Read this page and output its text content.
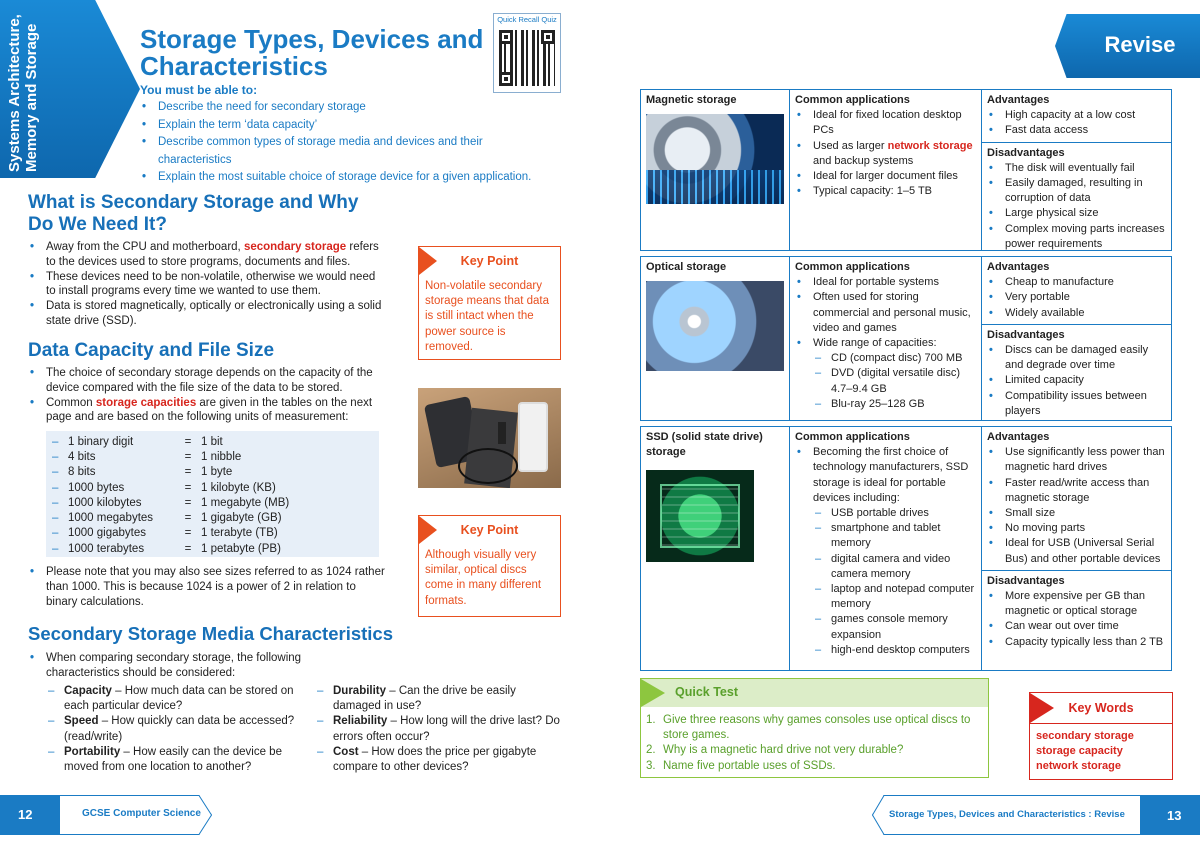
Systems Architecture, Memory and Storage	Storage Types, Devices and Characteristics
Quick Recall Quiz
You must be able to:
• Describe the need for secondary storage
• Explain the term ‘data capacity’
• Describe common types of storage media and devices and their characteristics
• Explain the most suitable choice of storage device for a given application.
What is Secondary Storage and Why Do We Need It?
• Away from the CPU and motherboard, secondary storage refers to the devices used to store programs, documents and files.
• These devices need to be non-volatile, otherwise we would need to install programs every time we wanted to use them.
• Data is stored magnetically, optically or electronically using a solid state drive (SSD).
Data Capacity and File Size
• The choice of secondary storage depends on the capacity of the device compared with the file size of the data to be stored.
• Common storage capacities are given in the tables on the next page and are based on the following units of measurement:
–	1 binary digit	=	1 bit
–	4 bits	=	1 nibble
–	8 bits	=	1 byte
–	1000 bytes	=	1 kilobyte (KB)
–	1000 kilobytes	=	1 megabyte (MB)
–	1000 megabytes	=	1 gigabyte (GB)
–	1000 gigabytes	=	1 terabyte (TB)
–	1000 terabytes	=	1 petabyte (PB)
• Please note that you may also see sizes referred to as 1024 rather than 1000. This is because 1024 is a power of 2 in relation to binary calculations.
Secondary Storage Media Characteristics
• When comparing secondary storage, the following characteristics should be considered:
– Capacity – How much data can be stored on each particular device?
– Speed – How quickly can data be accessed? (read/write)
– Portability – How easily can the device be moved from one location to another?
– Durability – Can the drive be easily damaged in use?
– Reliability – How long will the drive last? Do errors often occur?
– Cost – How does the price per gigabyte compare to other devices?
Key Point
Non-volatile secondary storage means that data is still intact when the power source is removed.
Key Point
Although visually very similar, optical discs come in many different formats.
12	GCSE Computer Science
Revise
Magnetic storage	Common applications
• Ideal for fixed location desktop PCs
• Used as larger network storage and backup systems
• Ideal for larger document files
• Typical capacity: 1–5 TB
Advantages
• High capacity at a low cost
• Fast data access
Disadvantages
• The disk will eventually fail
• Easily damaged, resulting in corruption of data
• Large physical size
• Complex moving parts increases power requirements
Optical storage	Common applications
• Ideal for portable systems
• Often used for storing commercial and personal music, video and games
• Wide range of capacities:
– CD (compact disc) 700 MB
– DVD (digital versatile disc) 4.7–9.4 GB
– Blu-ray 25–128 GB
Advantages
• Cheap to manufacture
• Very portable
• Widely available
Disadvantages
• Discs can be damaged easily and degrade over time
• Limited capacity
• Compatibility issues between players
SSD (solid state drive) storage
Common applications
• Becoming the first choice of technology manufacturers, SSD storage is ideal for portable devices including:
– USB portable drives
– smartphone and tablet memory
– digital camera and video camera memory
– laptop and notepad computer memory
– games console memory expansion
– high-end desktop computers
Advantages
• Use significantly less power than magnetic hard drives
• Faster read/write access than magnetic storage
• Small size
• No moving parts
• Ideal for USB (Universal Serial Bus) and other portable devices
Disadvantages
• More expensive per GB than magnetic or optical storage
• Can wear out over time
• Capacity typically less than 2 TB
Quick Test
1. Give three reasons why games consoles use optical discs to store games.
2. Why is a magnetic hard drive not very durable?
3. Name five portable uses of SSDs.
Key Words
secondary storage
storage capacity
network storage
Storage Types, Devices and Characteristics : Revise	13
